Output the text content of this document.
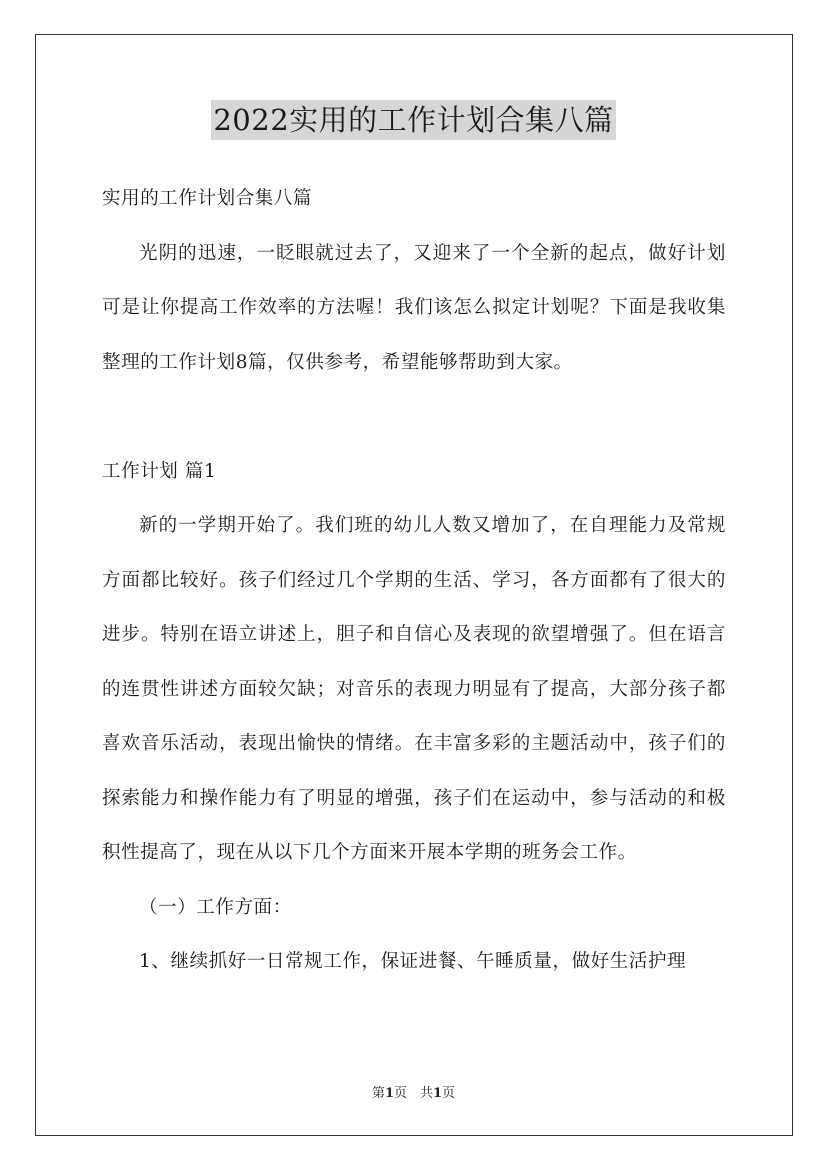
2022实用的工作计划合集八篇

实用的工作计划合集八篇

光阴的迅速，一眨眼就过去了，又迎来了一个全新的起点，做好计划可是让你提高工作效率的方法喔！我们该怎么拟定计划呢？下面是我收集整理的工作计划8篇，仅供参考，希望能够帮助到大家。

工作计划 篇1

新的一学期开始了。我们班的幼儿人数又增加了，在自理能力及常规方面都比较好。孩子们经过几个学期的生活、学习，各方面都有了很大的进步。特别在语立讲述上，胆子和自信心及表现的欲望增强了。但在语言的连贯性讲述方面较欠缺；对音乐的表现力明显有了提高，大部分孩子都喜欢音乐活动，表现出愉快的情绪。在丰富多彩的主题活动中，孩子们的探索能力和操作能力有了明显的增强，孩子们在运动中，参与活动的和极积性提高了，现在从以下几个方面来开展本学期的班务会工作。

（一）工作方面：

1、继续抓好一日常规工作，保证进餐、午睡质量，做好生活护理

第1页　共1页
